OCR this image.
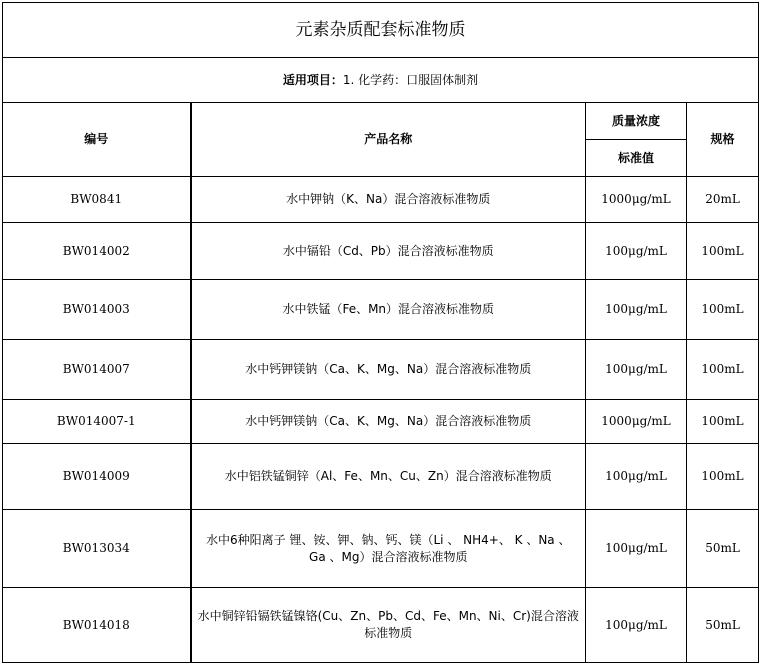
元素杂质配套标准物质			
适用项目：1. 化学药：口服固体制剂			
编号	产品名称	质量浓度	规格
		标准值	
BW0841	水中钾钠（K、Na）混合溶液标准物质	1000μg/mL	20mL
BW014002	水中镉铅（Cd、Pb）混合溶液标准物质	100μg/mL	100mL
BW014003	水中铁锰（Fe、Mn）混合溶液标准物质	100μg/mL	100mL
BW014007	水中钙钾镁钠（Ca、K、Mg、Na）混合溶液标准物质	100μg/mL	100mL
BW014007-1	水中钙钾镁钠（Ca、K、Mg、Na）混合溶液标准物质	1000μg/mL	100mL
BW014009	水中铝铁锰铜锌（Al、Fe、Mn、Cu、Zn）混合溶液标准物质	100μg/mL	100mL
BW013034	水中6种阳离子 锂、铵、钾、钠、钙、镁（Li 、 NH4+、 K 、Na 、 Ga 、Mg）混合溶液标准物质	100μg/mL	50mL
BW014018	水中铜锌铅镉铁锰镍铬(Cu、Zn、Pb、Cd、Fe、Mn、Ni、Cr)混合溶液标准物质	100μg/mL	50mL
